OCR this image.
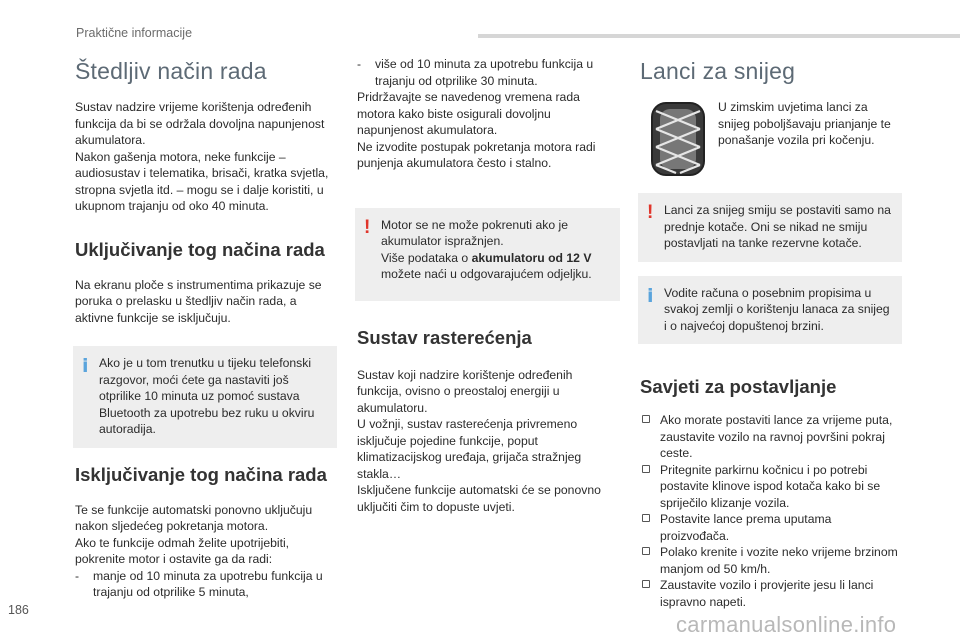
Praktične informacije
Štedljiv način rada

Sustav nadzire vrijeme korištenja određenih funkcija da bi se održala dovoljna napunjenost akumulatora.

Nakon gašenja motora, neke funkcije – audiosustav i telematika, brisači, kratka svjetla, stropna svjetla itd. – mogu se i dalje koristiti, u ukupnom trajanju od oko 40 minuta.

Uključivanje tog načina rada

Na ekranu ploče s instrumentima prikazuje se poruka o prelasku u štedljiv način rada, a aktivne funkcije se isključuju.

i Ako je u tom trenutku u tijeku telefonski razgovor, moći ćete ga nastaviti još otprilike 10 minuta uz pomoć sustava Bluetooth za upotrebu bez ruku u okviru autoradija.

Isključivanje tog načina rada

Te se funkcije automatski ponovno uključuju nakon sljedećeg pokretanja motora.

Ako te funkcije odmah želite upotrijebiti, pokrenite motor i ostavite ga da radi:

- manje od 10 minuta za upotrebu funkcija u trajanju od otprilike 5 minuta,
- više od 10 minuta za upotrebu funkcija u trajanju od otprilike 30 minuta.

Pridržavajte se navedenog vremena rada motora kako biste osigurali dovoljnu napunjenost akumulatora.

Ne izvodite postupak pokretanja motora radi punjenja akumulatora često i stalno.

! Motor se ne može pokrenuti ako je akumulator ispražnjen.

Više podataka o akumulatoru od 12 V možete naći u odgovarajućem odjeljku.

Sustav rasterećenja

Sustav koji nadzire korištenje određenih funkcija, ovisno o preostaloj energiji u akumulatoru.

U vožnji, sustav rasterećenja privremeno isključuje pojedine funkcije, poput klimatizacijskog uređaja, grijača stražnjeg stakla…

Isključene funkcije automatski će se ponovno uključiti čim to dopuste uvjeti.

Lanci za snijeg

U zimskim uvjetima lanci za snijeg poboljšavaju prianjanje te ponašanje vozila pri kočenju.

! Lanci za snijeg smiju se postaviti samo na prednje kotače. Oni se nikad ne smiju postavljati na tanke rezervne kotače.

i Vodite računa o posebnim propisima u svakoj zemlji o korištenju lanaca za snijeg i o najvećoj dopuštenoj brzini.

Savjeti za postavljanje
Ako morate postaviti lance za vrijeme puta, zaustavite vozilo na ravnoj površini pokraj ceste.
Pritegnite parkirnu kočnicu i po potrebi postavite klinove ispod kotača kako bi se spriječilo klizanje vozila.
Postavite lance prema uputama proizvođača.
Polako krenite i vozite neko vrijeme brzinom manjom od 50 km/h.
Zaustavite vozilo i provjerite jesu li lanci ispravno napeti.
186
carmanualsonline.info
